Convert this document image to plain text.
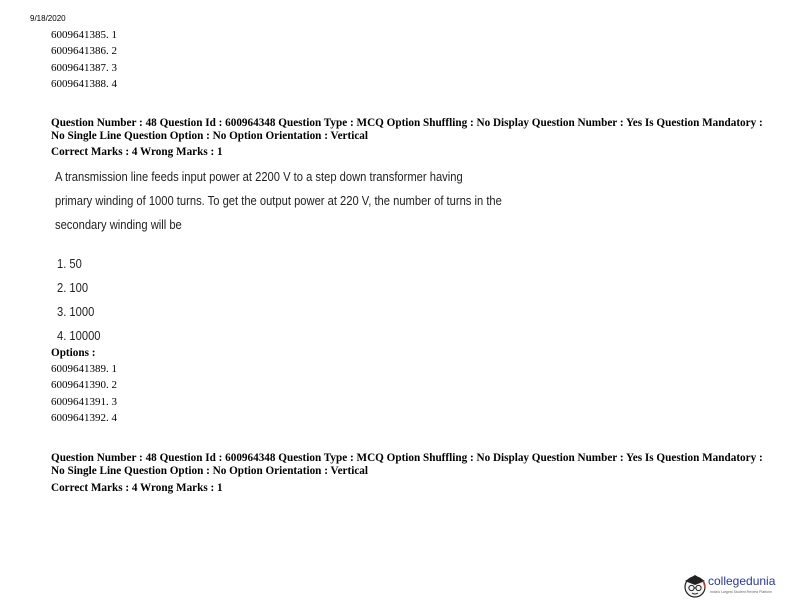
9/18/2020
6009641385. 1
6009641386. 2
6009641387. 3
6009641388. 4
Question Number : 48 Question Id : 600964348 Question Type : MCQ Option Shuffling : No Display Question Number : Yes Is Question Mandatory : No Single Line Question Option : No Option Orientation : Vertical
Correct Marks : 4 Wrong Marks : 1
A transmission line feeds input power at 2200 V to a step down transformer having primary winding of 1000 turns. To get the output power at 220 V, the number of turns in the secondary winding will be
1. 50
2. 100
3. 1000
4. 10000
Options :
6009641389. 1
6009641390. 2
6009641391. 3
6009641392. 4
Question Number : 48 Question Id : 600964348 Question Type : MCQ Option Shuffling : No Display Question Number : Yes Is Question Mandatory : No Single Line Question Option : No Option Orientation : Vertical
Correct Marks : 4 Wrong Marks : 1
collegedunia
India's Largest Student Review Platform
